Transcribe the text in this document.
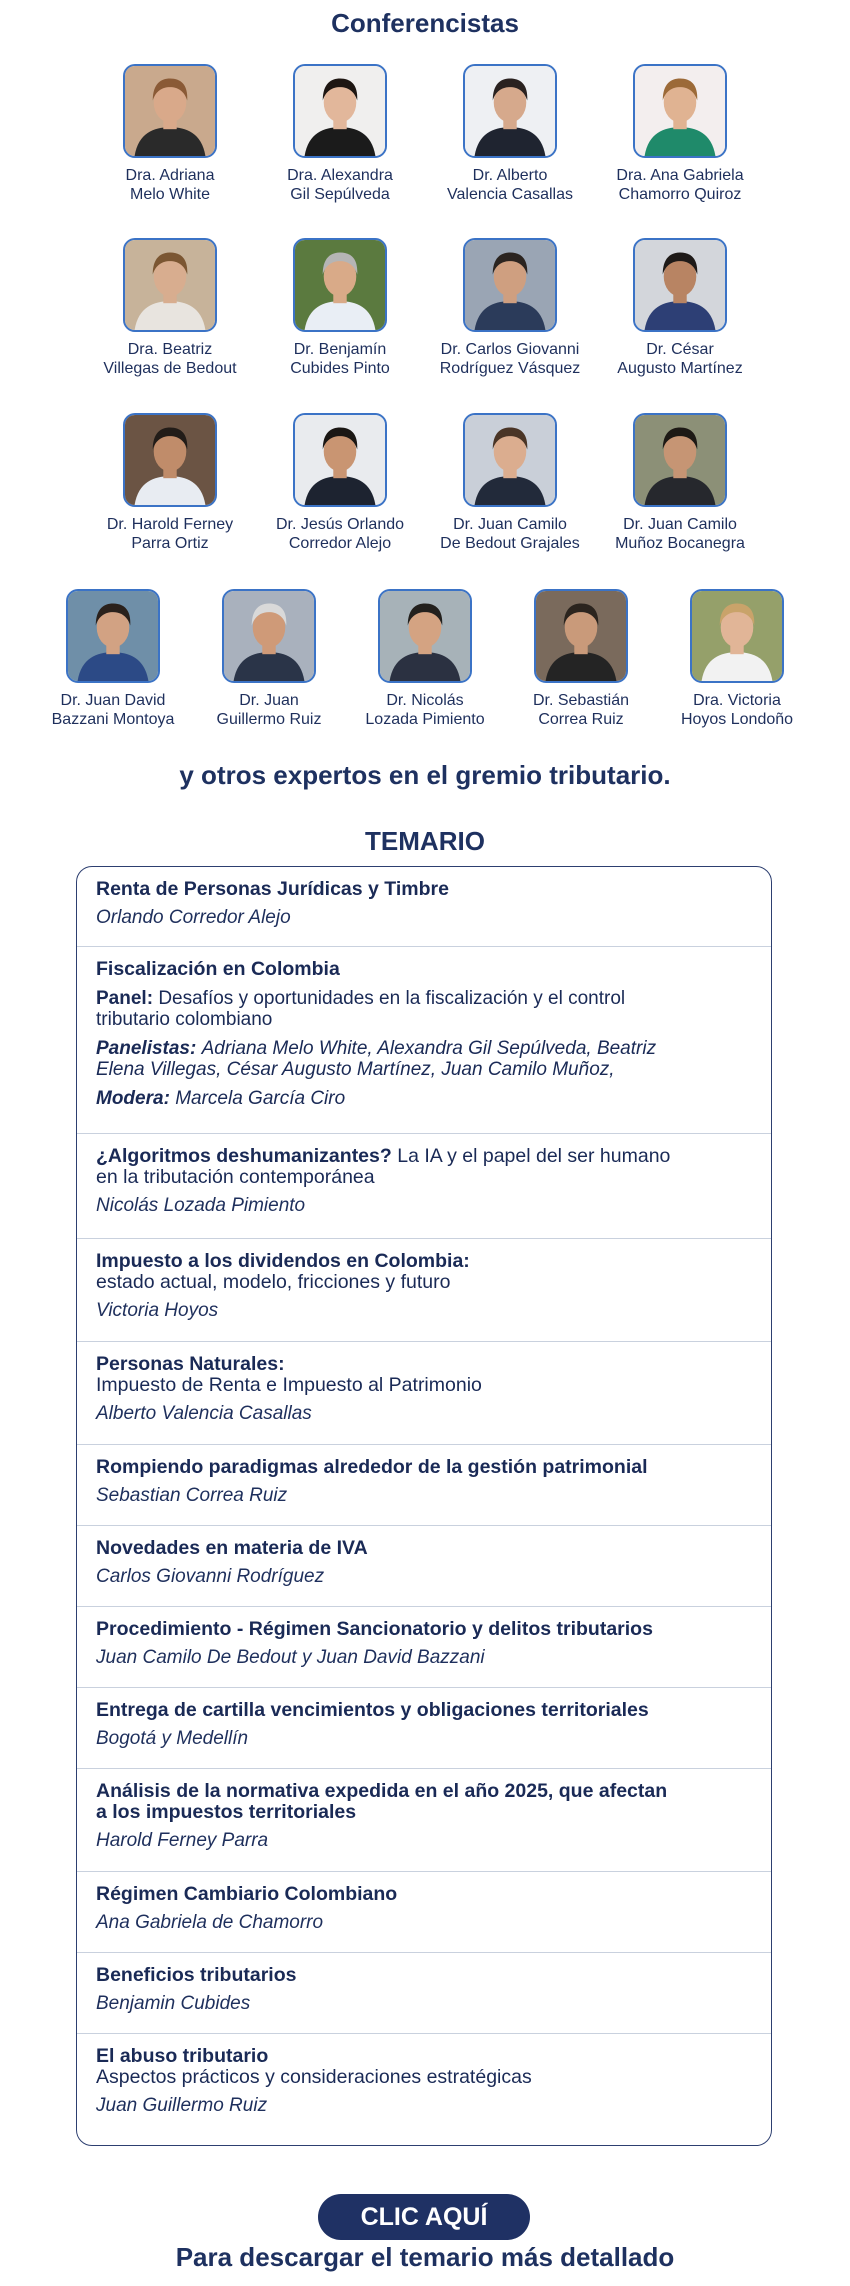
Conferencistas
Dra. Adriana
Melo White
Dra. Alexandra
Gil Sepúlveda
Dr. Alberto
Valencia Casallas
Dra. Ana Gabriela
Chamorro Quiroz
Dra. Beatriz
Villegas de Bedout
Dr. Benjamín
Cubides Pinto
Dr. Carlos Giovanni
Rodríguez Vásquez
Dr. César
Augusto Martínez
Dr. Harold Ferney
Parra Ortiz
Dr. Jesús Orlando
Corredor Alejo
Dr. Juan Camilo
De Bedout Grajales
Dr. Juan Camilo
Muñoz Bocanegra
Dr. Juan David
Bazzani Montoya
Dr. Juan
Guillermo Ruiz
Dr. Nicolás
Lozada Pimiento
Dr. Sebastián
Correa Ruiz
Dra. Victoria
Hoyos Londoño
y otros expertos en el gremio tributario.
TEMARIO
Renta de Personas Jurídicas y Timbre
Orlando Corredor Alejo
Fiscalización en Colombia
Panel: Desafíos y oportunidades en la fiscalización y el control
tributario colombiano
Panelistas: Adriana Melo White, Alexandra Gil Sepúlveda, Beatriz
Elena Villegas, César Augusto Martínez, Juan Camilo Muñoz,
Modera: Marcela García Ciro
¿Algoritmos deshumanizantes? La IA y el papel del ser humano
en la tributación contemporánea
Nicolás Lozada Pimiento
Impuesto a los dividendos en Colombia:
estado actual, modelo, fricciones y futuro
Victoria Hoyos
Personas Naturales:
Impuesto de Renta e Impuesto al Patrimonio
Alberto Valencia Casallas
Rompiendo paradigmas alrededor de la gestión patrimonial
Sebastian Correa Ruiz
Novedades en materia de IVA
Carlos Giovanni Rodríguez
Procedimiento - Régimen Sancionatorio y delitos tributarios
Juan Camilo De Bedout y Juan David Bazzani
Entrega de cartilla vencimientos y obligaciones territoriales
Bogotá y Medellín
Análisis de la normativa expedida en el año 2025, que afectan
a los impuestos territoriales
Harold Ferney Parra
Régimen Cambiario Colombiano
Ana Gabriela de Chamorro
Beneficios tributarios
Benjamin Cubides
El abuso tributario
Aspectos prácticos y consideraciones estratégicas
Juan Guillermo Ruiz
CLIC AQUÍ
Para descargar el temario más detallado
